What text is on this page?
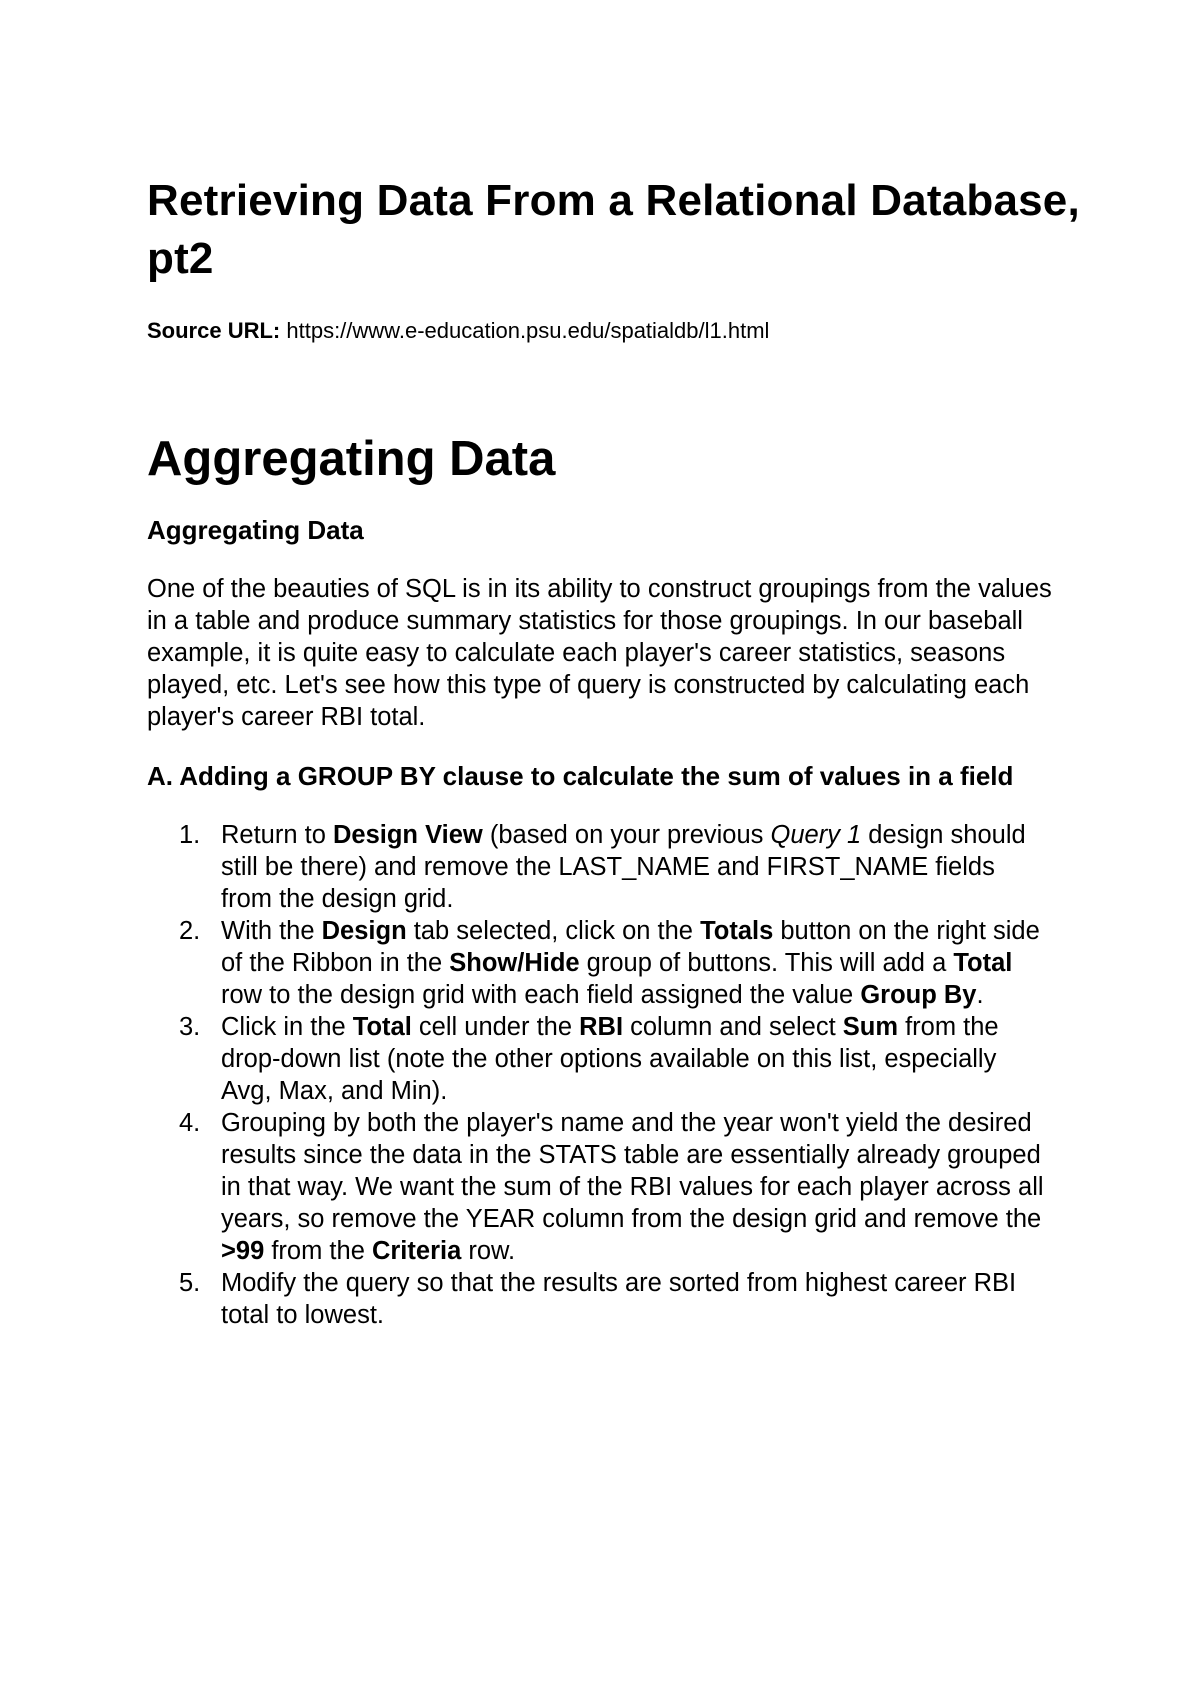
Retrieving Data From a Relational Database, pt2
Source URL: https://www.e-education.psu.edu/spatialdb/l1.html
Aggregating Data
Aggregating Data

One of the beauties of SQL is in its ability to construct groupings from the values in a table and produce summary statistics for those groupings. In our baseball example, it is quite easy to calculate each player's career statistics, seasons played, etc. Let's see how this type of query is constructed by calculating each player's career RBI total.

A. Adding a GROUP BY clause to calculate the sum of values in a field
1. Return to Design View (based on your previous Query 1 design should still be there) and remove the LAST_NAME and FIRST_NAME fields from the design grid.
2. With the Design tab selected, click on the Totals button on the right side of the Ribbon in the Show/Hide group of buttons. This will add a Total row to the design grid with each field assigned the value Group By.
3. Click in the Total cell under the RBI column and select Sum from the drop-down list (note the other options available on this list, especially Avg, Max, and Min).
4. Grouping by both the player's name and the year won't yield the desired results since the data in the STATS table are essentially already grouped in that way. We want the sum of the RBI values for each player across all years, so remove the YEAR column from the design grid and remove the >99 from the Criteria row.
5. Modify the query so that the results are sorted from highest career RBI total to lowest.
